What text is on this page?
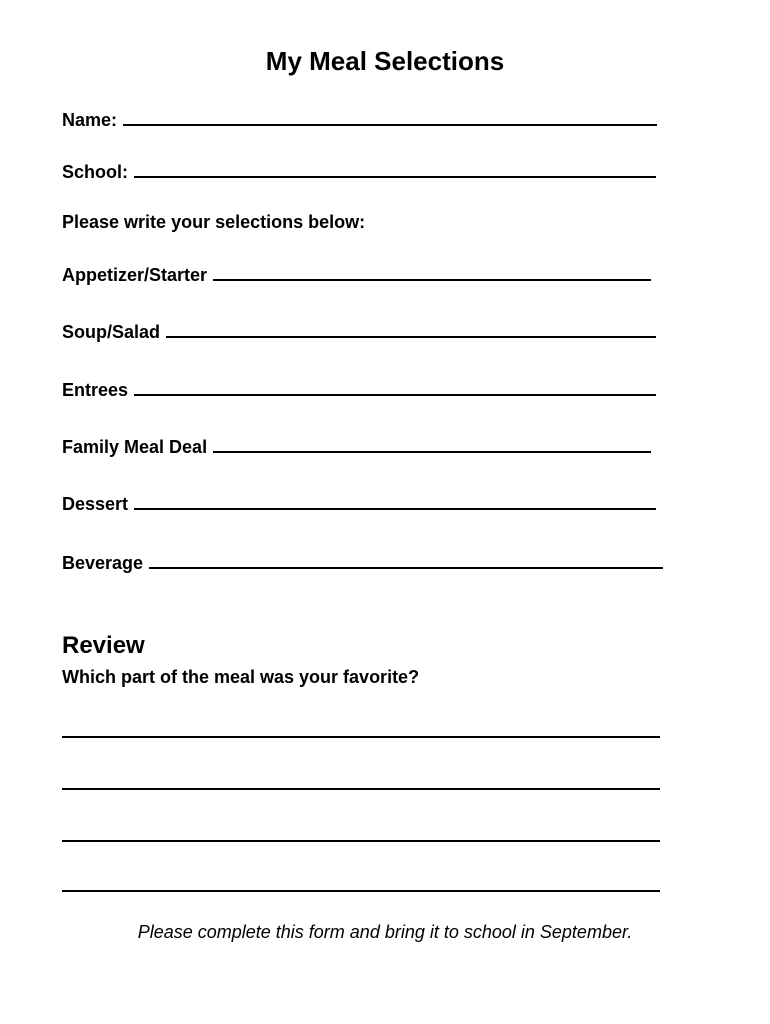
My Meal Selections
Name:
School:
Please write your selections below:
Appetizer/Starter
Soup/Salad
Entrees
Family Meal Deal
Dessert
Beverage
Review
Which part of the meal was your favorite?
Please complete this form and bring it to school in September.
